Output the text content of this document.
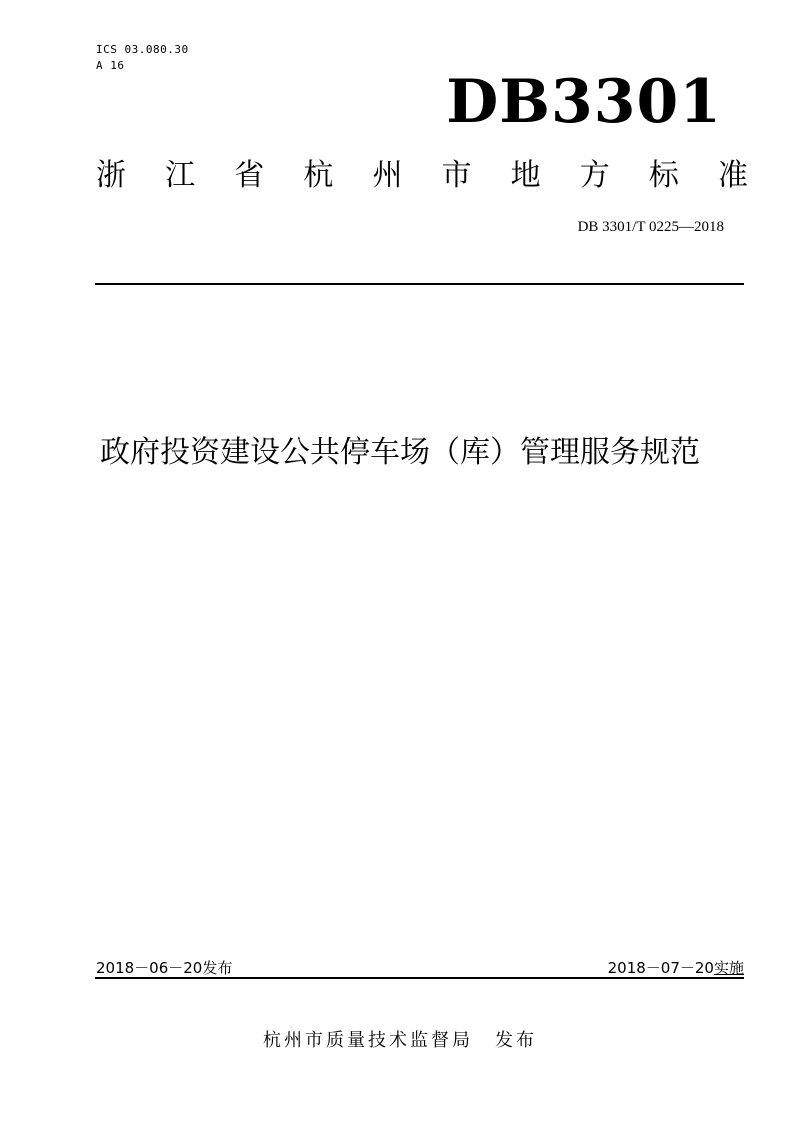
ICS 03.080.30
A 16
DB3301
浙 江 省 杭 州 市 地 方 标 准
DB 3301/T 0225—2018
政府投资建设公共停车场（库）管理服务规范
2018－06－20发布	2018－07－20实施
杭州市质量技术监督局 发布
